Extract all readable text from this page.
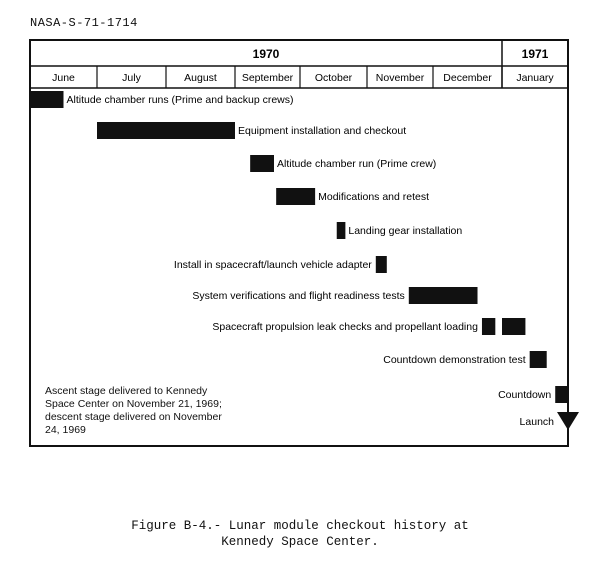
NASA-S-71-1714
1970	1971
June	July	August September October November December January
Altitude chamber runs (Prime and backup crews)
Equipment installation and checkout
Altitude chamber run (Prime crew)
Modifications and retest
Landing gear installation
Install in spacecraft/launch vehicle adapter
System verifications and flight readiness tests
Spacecraft propulsion leak checks and propellant loading
Countdown demonstration test
Countdown
Launch
Ascent stage delivered to Kennedy
Space Center on November 21, 1969;
descent stage delivered on November
24, 1969
Figure B-4.- Lunar module checkout history at
Kennedy Space Center.
